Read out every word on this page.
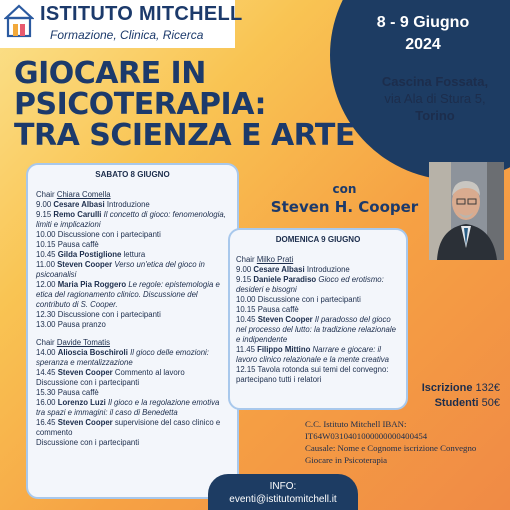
ISTITUTO MITCHELL
Formazione, Clinica, Ricerca
8 - 9 Giugno
2024
Cascina Fossata,
via Ala di Stura 5,
Torino
GIOCARE IN
PSICOTERAPIA:
TRA SCIENZA E ARTE
con
Steven H. Cooper
SABATO 8 GIUGNO
Chair Chiara Comella
9.00 Cesare Albasi Introduzione
9.15 Remo Carulli Il concetto di gioco: fenomenologia, limiti e implicazioni
10.00 Discussione con i partecipanti
10.15 Pausa caffè
10.45 Gilda Postiglione lettura
11.00 Steven Cooper Verso un'etica del gioco in psicoanalisi
12.00 Maria Pia Roggero Le regole: epistemologia e etica del ragionamento clinico. Discussione del contributo di S. Cooper.
12.30 Discussione con i partecipanti
13.00 Pausa pranzo
Chair Davide Tomatis
14.00 Alioscia Boschiroli Il gioco delle emozioni: speranza e mentalizzazione
14.45 Steven Cooper Commento al lavoro
Discussione con i partecipanti
15.30 Pausa caffè
16.00 Lorenzo Luzi Il gioco e la regolazione emotiva tra spazi e immagini: il caso di Benedetta
16.45 Steven Cooper supervisione del caso clinico e commento
Discussione con i partecipanti
DOMENICA 9 GIUGNO
Chair Milko Prati
9.00 Cesare Albasi Introduzione
9.15 Daniele Paradiso Gioco ed erotismo: desideri e bisogni
10.00 Discussione con i partecipanti
10.15 Pausa caffè
10.45 Steven Cooper Il paradosso del gioco nel processo del lutto: la tradizione relazionale e indipendente
11.45 Filippo Mittino Narrare e giocare: il lavoro clinico relazionale e la mente creativa
12.15 Tavola rotonda sui temi del convegno: partecipano tutti i relatori
Iscrizione 132€
Studenti 50€
C.C. Istituto Mitchell IBAN:
IT64W0310401000000000400454
Causale: Nome e Cognome iscrizione Convegno
Giocare in Psicoterapia
INFO:
eventi@istitutomitchell.it
